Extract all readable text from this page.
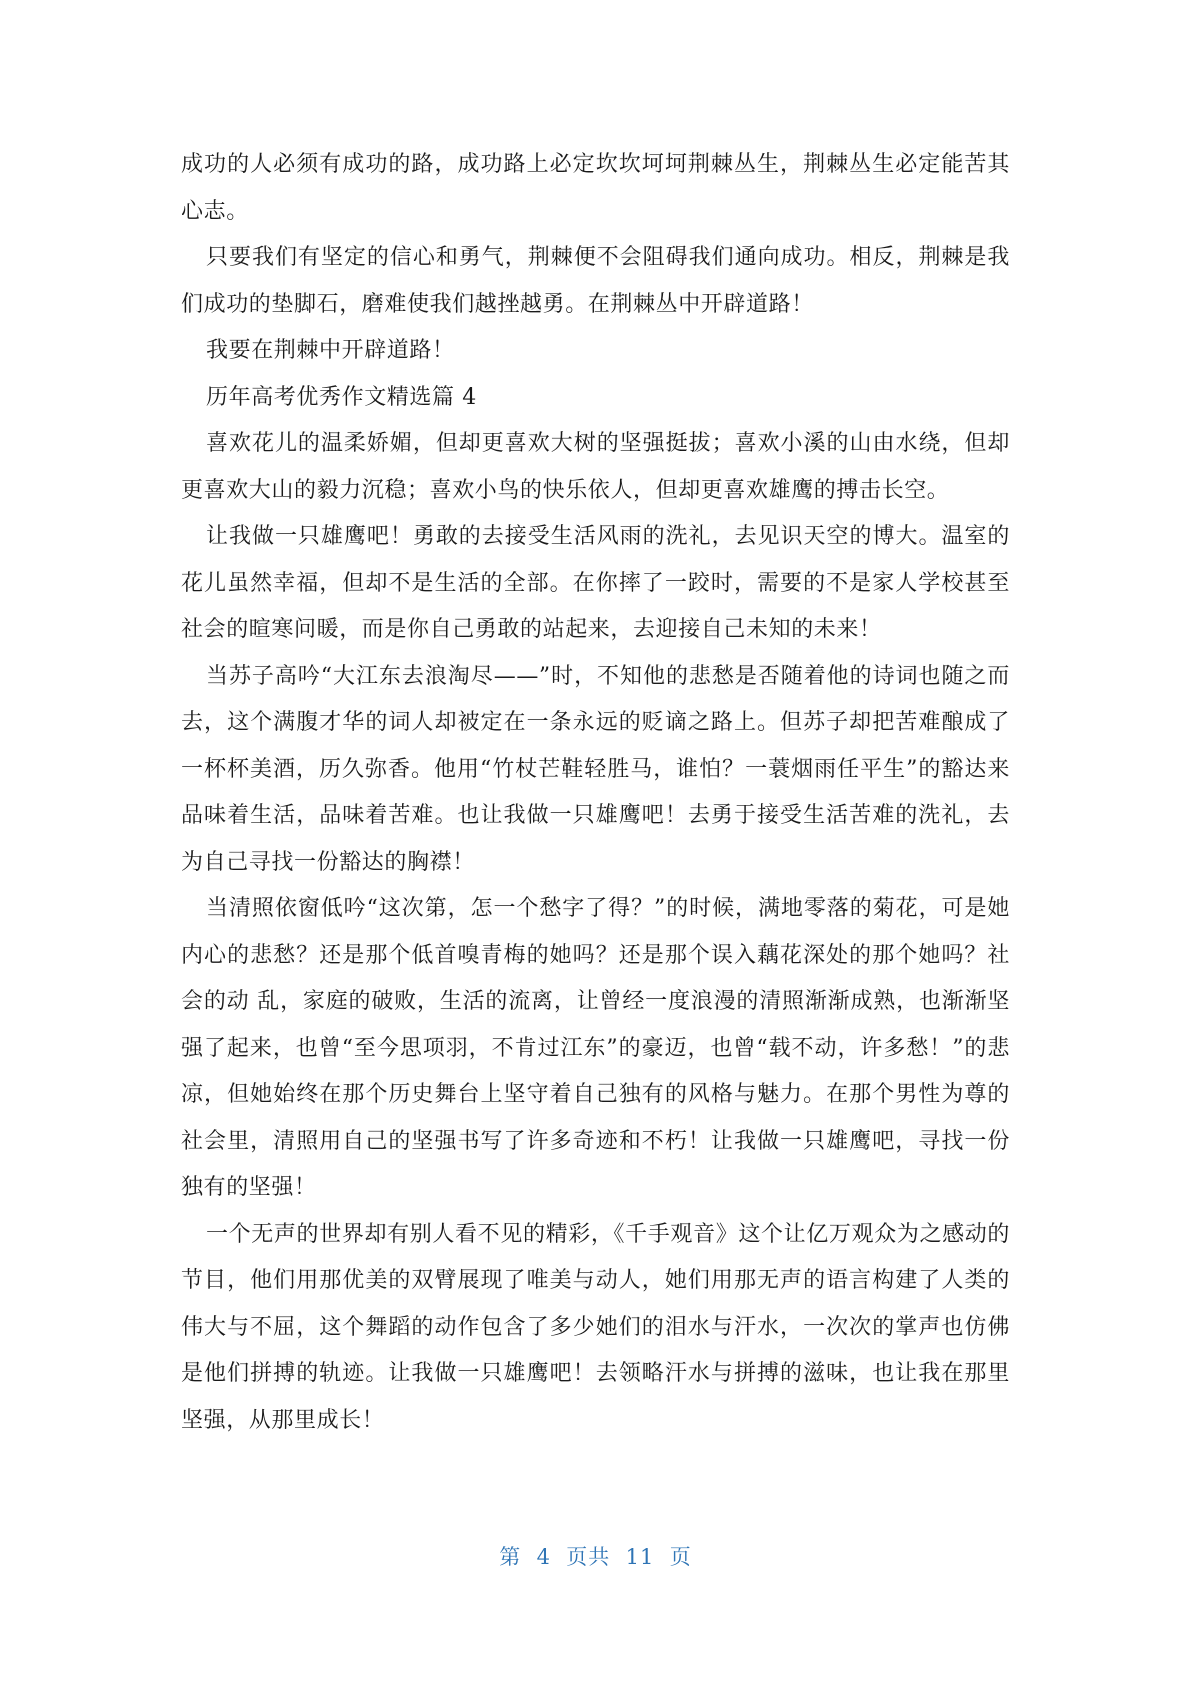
成功的人必须有成功的路，成功路上必定坎坎坷坷荆棘丛生，荆棘丛生必定能苦其心志。

只要我们有坚定的信心和勇气，荆棘便不会阻碍我们通向成功。相反，荆棘是我们成功的垫脚石，磨难使我们越挫越勇。在荆棘丛中开辟道路！

我要在荆棘中开辟道路！

历年高考优秀作文精选篇 4

喜欢花儿的温柔娇媚，但却更喜欢大树的坚强挺拔；喜欢小溪的山由水绕，但却更喜欢大山的毅力沉稳；喜欢小鸟的快乐依人，但却更喜欢雄鹰的搏击长空。

让我做一只雄鹰吧！勇敢的去接受生活风雨的洗礼，去见识天空的博大。温室的花儿虽然幸福，但却不是生活的全部。在你摔了一跤时，需要的不是家人学校甚至社会的暄寒问暖，而是你自己勇敢的站起来，去迎接自己未知的未来！

当苏子高吟“大江东去浪淘尽——”时，不知他的悲愁是否随着他的诗词也随之而去，这个满腹才华的词人却被定在一条永远的贬谪之路上。但苏子却把苦难酿成了一杯杯美酒，历久弥香。他用“竹杖芒鞋轻胜马，谁怕？一蓑烟雨任平生”的豁达来品味着生活，品味着苦难。也让我做一只雄鹰吧！去勇于接受生活苦难的洗礼，去为自己寻找一份豁达的胸襟！

当清照依窗低吟“这次第，怎一个愁字了得？”的时候，满地零落的菊花，可是她内心的悲愁？还是那个低首嗅青梅的她吗？还是那个误入藕花深处的那个她吗？社会的动 乱，家庭的破败，生活的流离，让曾经一度浪漫的清照渐渐成熟，也渐渐坚强了起来，也曾“至今思项羽，不肯过江东”的豪迈，也曾“载不动，许多愁！”的悲凉，但她始终在那个历史舞台上坚守着自己独有的风格与魅力。在那个男性为尊的社会里，清照用自己的坚强书写了许多奇迹和不朽！让我做一只雄鹰吧，寻找一份独有的坚强！

一个无声的世界却有别人看不见的精彩，《千手观音》这个让亿万观众为之感动的节目，他们用那优美的双臂展现了唯美与动人，她们用那无声的语言构建了人类的伟大与不屈，这个舞蹈的动作包含了多少她们的泪水与汗水，一次次的掌声也仿佛是他们拼搏的轨迹。让我做一只雄鹰吧！去领略汗水与拼搏的滋味，也让我在那里坚强，从那里成长！

第  4  页共  11  页
